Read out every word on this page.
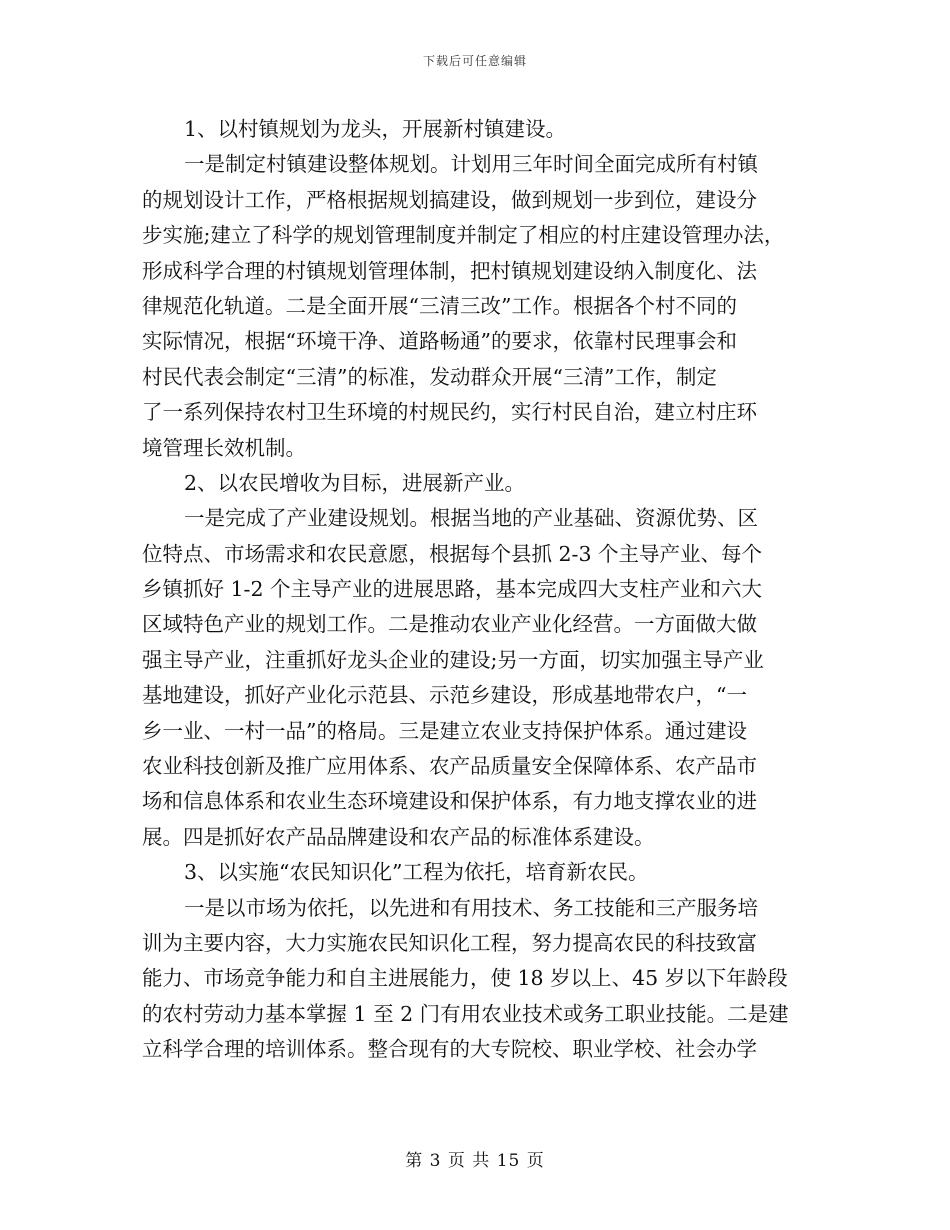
下载后可任意编辑
1、以村镇规划为龙头，开展新村镇建设。
一是制定村镇建设整体规划。计划用三年时间全面完成所有村镇
的规划设计工作，严格根据规划搞建设，做到规划一步到位，建设分
步实施;建立了科学的规划管理制度并制定了相应的村庄建设管理办法，
形成科学合理的村镇规划管理体制，把村镇规划建设纳入制度化、法
律规范化轨道。二是全面开展“三清三改”工作。根据各个村不同的
实际情况，根据“环境干净、道路畅通”的要求，依靠村民理事会和
村民代表会制定“三清”的标准，发动群众开展“三清”工作，制定
了一系列保持农村卫生环境的村规民约，实行村民自治，建立村庄环
境管理长效机制。
2、以农民增收为目标，进展新产业。
一是完成了产业建设规划。根据当地的产业基础、资源优势、区
位特点、市场需求和农民意愿，根据每个县抓 2-3 个主导产业、每个
乡镇抓好 1-2 个主导产业的进展思路，基本完成四大支柱产业和六大
区域特色产业的规划工作。二是推动农业产业化经营。一方面做大做
强主导产业，注重抓好龙头企业的建设;另一方面，切实加强主导产业
基地建设，抓好产业化示范县、示范乡建设，形成基地带农户，“一
乡一业、一村一品”的格局。三是建立农业支持保护体系。通过建设
农业科技创新及推广应用体系、农产品质量安全保障体系、农产品市
场和信息体系和农业生态环境建设和保护体系，有力地支撑农业的进
展。四是抓好农产品品牌建设和农产品的标准体系建设。
3、以实施“农民知识化”工程为依托，培育新农民。
一是以市场为依托，以先进和有用技术、务工技能和三产服务培
训为主要内容，大力实施农民知识化工程，努力提高农民的科技致富
能力、市场竞争能力和自主进展能力，使 18 岁以上、45 岁以下年龄段
的农村劳动力基本掌握 1 至 2 门有用农业技术或务工职业技能。二是建
立科学合理的培训体系。整合现有的大专院校、职业学校、社会办学
第 3 页 共 15 页
